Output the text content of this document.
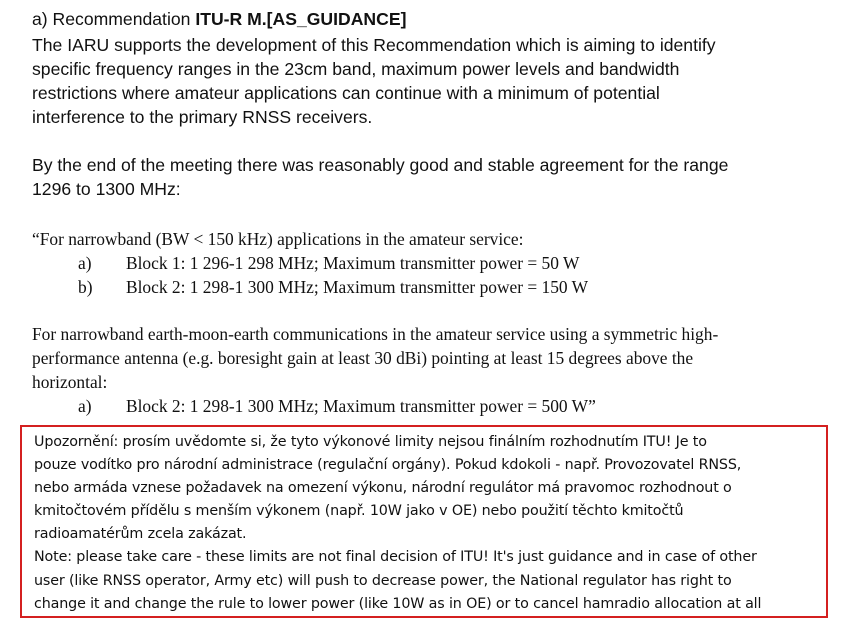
a) Recommendation ITU-R M.[AS_GUIDANCE]
The IARU supports the development of this Recommendation which is aiming to identify
specific frequency ranges in the 23cm band, maximum power levels and bandwidth
restrictions where amateur applications can continue with a minimum of potential
interference to the primary RNSS receivers.
By the end of the meeting there was reasonably good and stable agreement for the range
1296 to 1300 MHz:
“For narrowband (BW < 150 kHz) applications in the amateur service:
a) Block 1: 1 296-1 298 MHz; Maximum transmitter power = 50 W
b) Block 2: 1 298-1 300 MHz; Maximum transmitter power = 150 W
For narrowband earth-moon-earth communications in the amateur service using a symmetric high-
performance antenna (e.g. boresight gain at least 30 dBi) pointing at least 15 degrees above the
horizontal:
a) Block 2: 1 298-1 300 MHz; Maximum transmitter power = 500 W”
Upozornění: prosím uvědomte si, že tyto výkonové limity nejsou finálním rozhodnutím ITU! Je to
pouze vodítko pro národní administrace (regulační orgány). Pokud kdokoli - např. Provozovatel RNSS,
nebo armáda vznese požadavek na omezení výkonu, národní regulátor má pravomoc rozhodnout o
kmitočtovém přídělu s menším výkonem (např. 10W jako v OE) nebo použití těchto kmitočtů
radioamatérům zcela zakázat.
Note: please take care - these limits are not final decision of ITU! It's just guidance and in case of other
user (like RNSS operator, Army etc) will push to decrease power, the National regulator has right to
change it and change the rule to lower power (like 10W as in OE) or to cancel hamradio allocation at all
